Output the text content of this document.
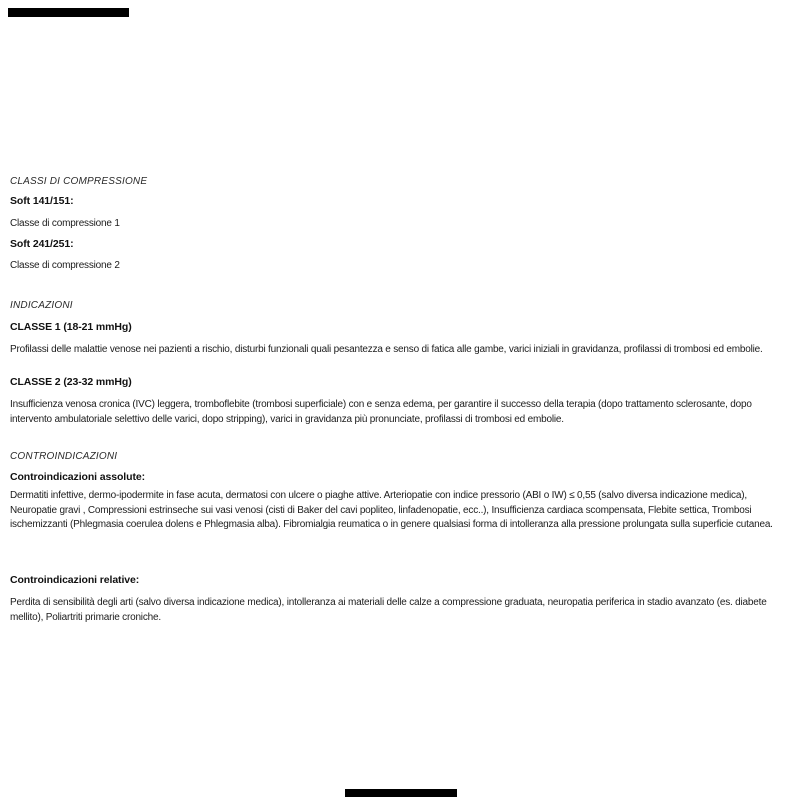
CLASSI DI COMPRESSIONE

Soft 141/151:

Classe di compressione 1

Soft 241/251:

Classe di compressione 2

INDICAZIONI

CLASSE 1 (18-21 mmHg)

Profilassi delle malattie venose nei pazienti a rischio, disturbi funzionali quali pesantezza e senso di fatica alle gambe, varici iniziali in gravidanza, profilassi di trombosi ed embolie.

CLASSE 2 (23-32 mmHg)

Insufficienza venosa cronica (IVC) leggera, tromboflebite (trombosi superficiale) con e senza edema, per garantire il successo della terapia (dopo trattamento sclerosante, dopo intervento ambulatoriale selettivo delle varici, dopo stripping), varici in gravidanza più pronunciate, profilassi di trombosi ed embolie.

CONTROINDICAZIONI

Controindicazioni assolute:

Dermatiti infettive, dermo-ipodermite in fase acuta, dermatosi con ulcere o piaghe attive. Arteriopatie con indice pressorio (ABI o IW) ≤ 0,55 (salvo diversa indicazione medica), Neuropatie gravi , Compressioni estrinseche sui vasi venosi (cisti di Baker del cavi popliteo, linfadenopatie, ecc..), Insufficienza cardiaca scompensata, Flebite settica, Trombosi ischemizzanti (Phlegmasia coerulea dolens e Phlegmasia alba). Fibromialgia reumatica o in genere qualsiasi forma di intolleranza alla pressione prolungata sulla superficie cutanea.

Controindicazioni relative:

Perdita di sensibilità degli arti (salvo diversa indicazione medica), intolleranza ai materiali delle calze a compressione graduata, neuropatia periferica in stadio avanzato (es. diabete mellito), Poliartriti primarie croniche.
